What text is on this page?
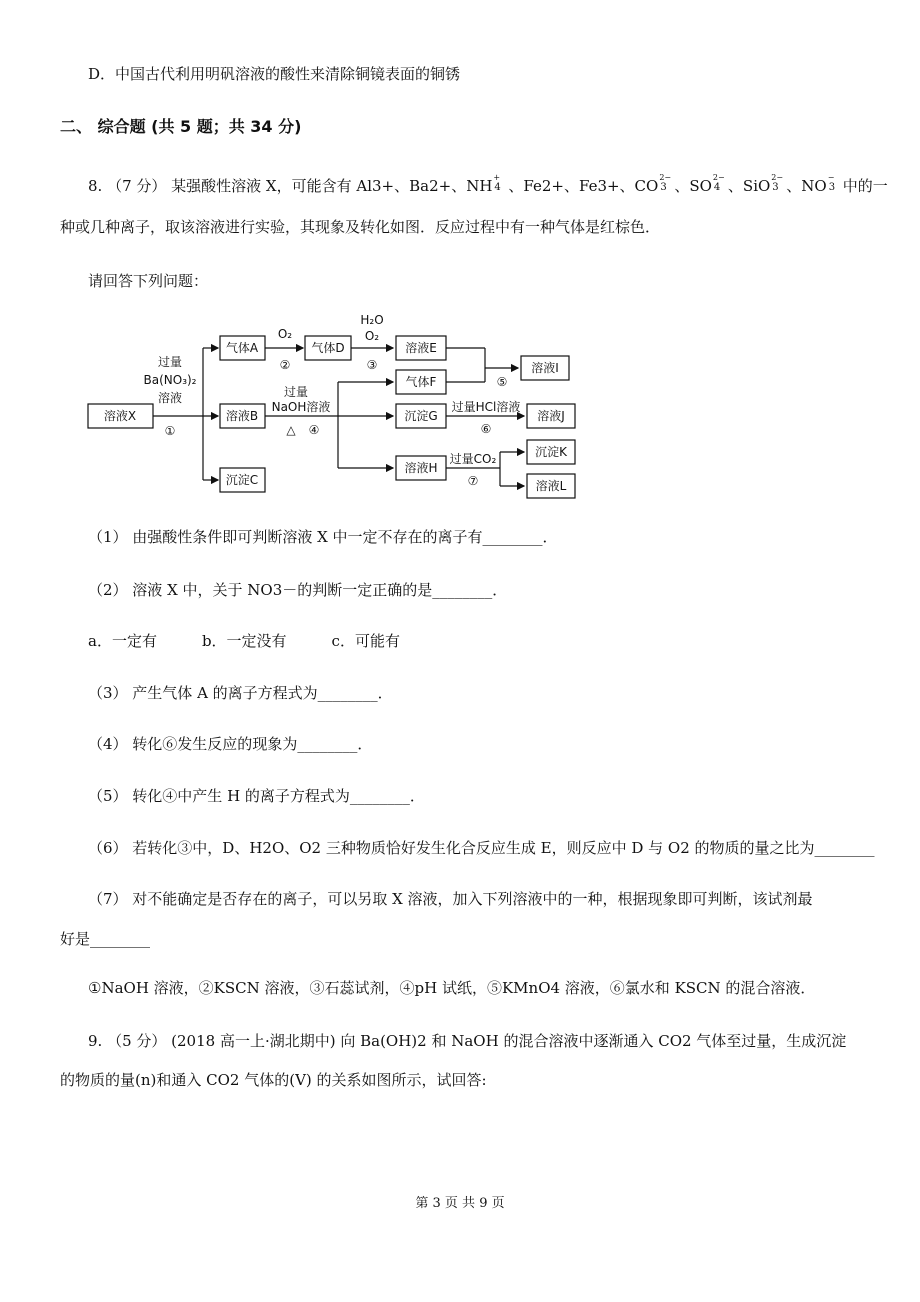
D．中国古代利用明矾溶液的酸性来清除铜镜表面的铜锈
二、 综合题 (共 5 题；共 34 分)
8. （7 分） 某强酸性溶液 X，可能含有 Al3+、Ba2+、NH +
4 、Fe2+、Fe3+、CO 2−
3 、SO 2−
4 、SiO 2−
3 、NO −
3 中的一
种或几种离子，取该溶液进行实验，其现象及转化如图．反应过程中有一种气体是红棕色．
请回答下列问题：
溶液X
气体A
溶液B
沉淀C
气体D	溶液E
气体F
沉淀G
溶液H
溶液I
溶液J
沉淀K
溶液L
过量
Ba(NO₃)₂
溶液
①
O₂
②
H₂O
O₂
③
过量
NaOH溶液
△ ④
⑤
过量HCl溶液
⑥
过量CO₂
⑦
（1） 由强酸性条件即可判断溶液 X 中一定不存在的离子有________．
（2） 溶液 X 中，关于 NO3－的判断一定正确的是________．
a．一定有　　　b．一定没有　　　c．可能有
（3） 产生气体 A 的离子方程式为________．
（4） 转化⑥发生反应的现象为________．
（5） 转化④中产生 H 的离子方程式为________．
（6） 若转化③中，D、H2O、O2 三种物质恰好发生化合反应生成 E，则反应中 D 与 O2 的物质的量之比为________
（7） 对不能确定是否存在的离子，可以另取 X 溶液，加入下列溶液中的一种，根据现象即可判断，该试剂最
好是________
①NaOH 溶液，②KSCN 溶液，③石蕊试剂，④pH 试纸，⑤KMnO4 溶液，⑥氯水和 KSCN 的混合溶液．
9. （5 分） (2018 高一上·湖北期中) 向 Ba(OH)2 和 NaOH 的混合溶液中逐渐通入 CO2 气体至过量，生成沉淀
的物质的量(n)和通入 CO2 气体的(V) 的关系如图所示，试回答:
第 3 页 共 9 页
